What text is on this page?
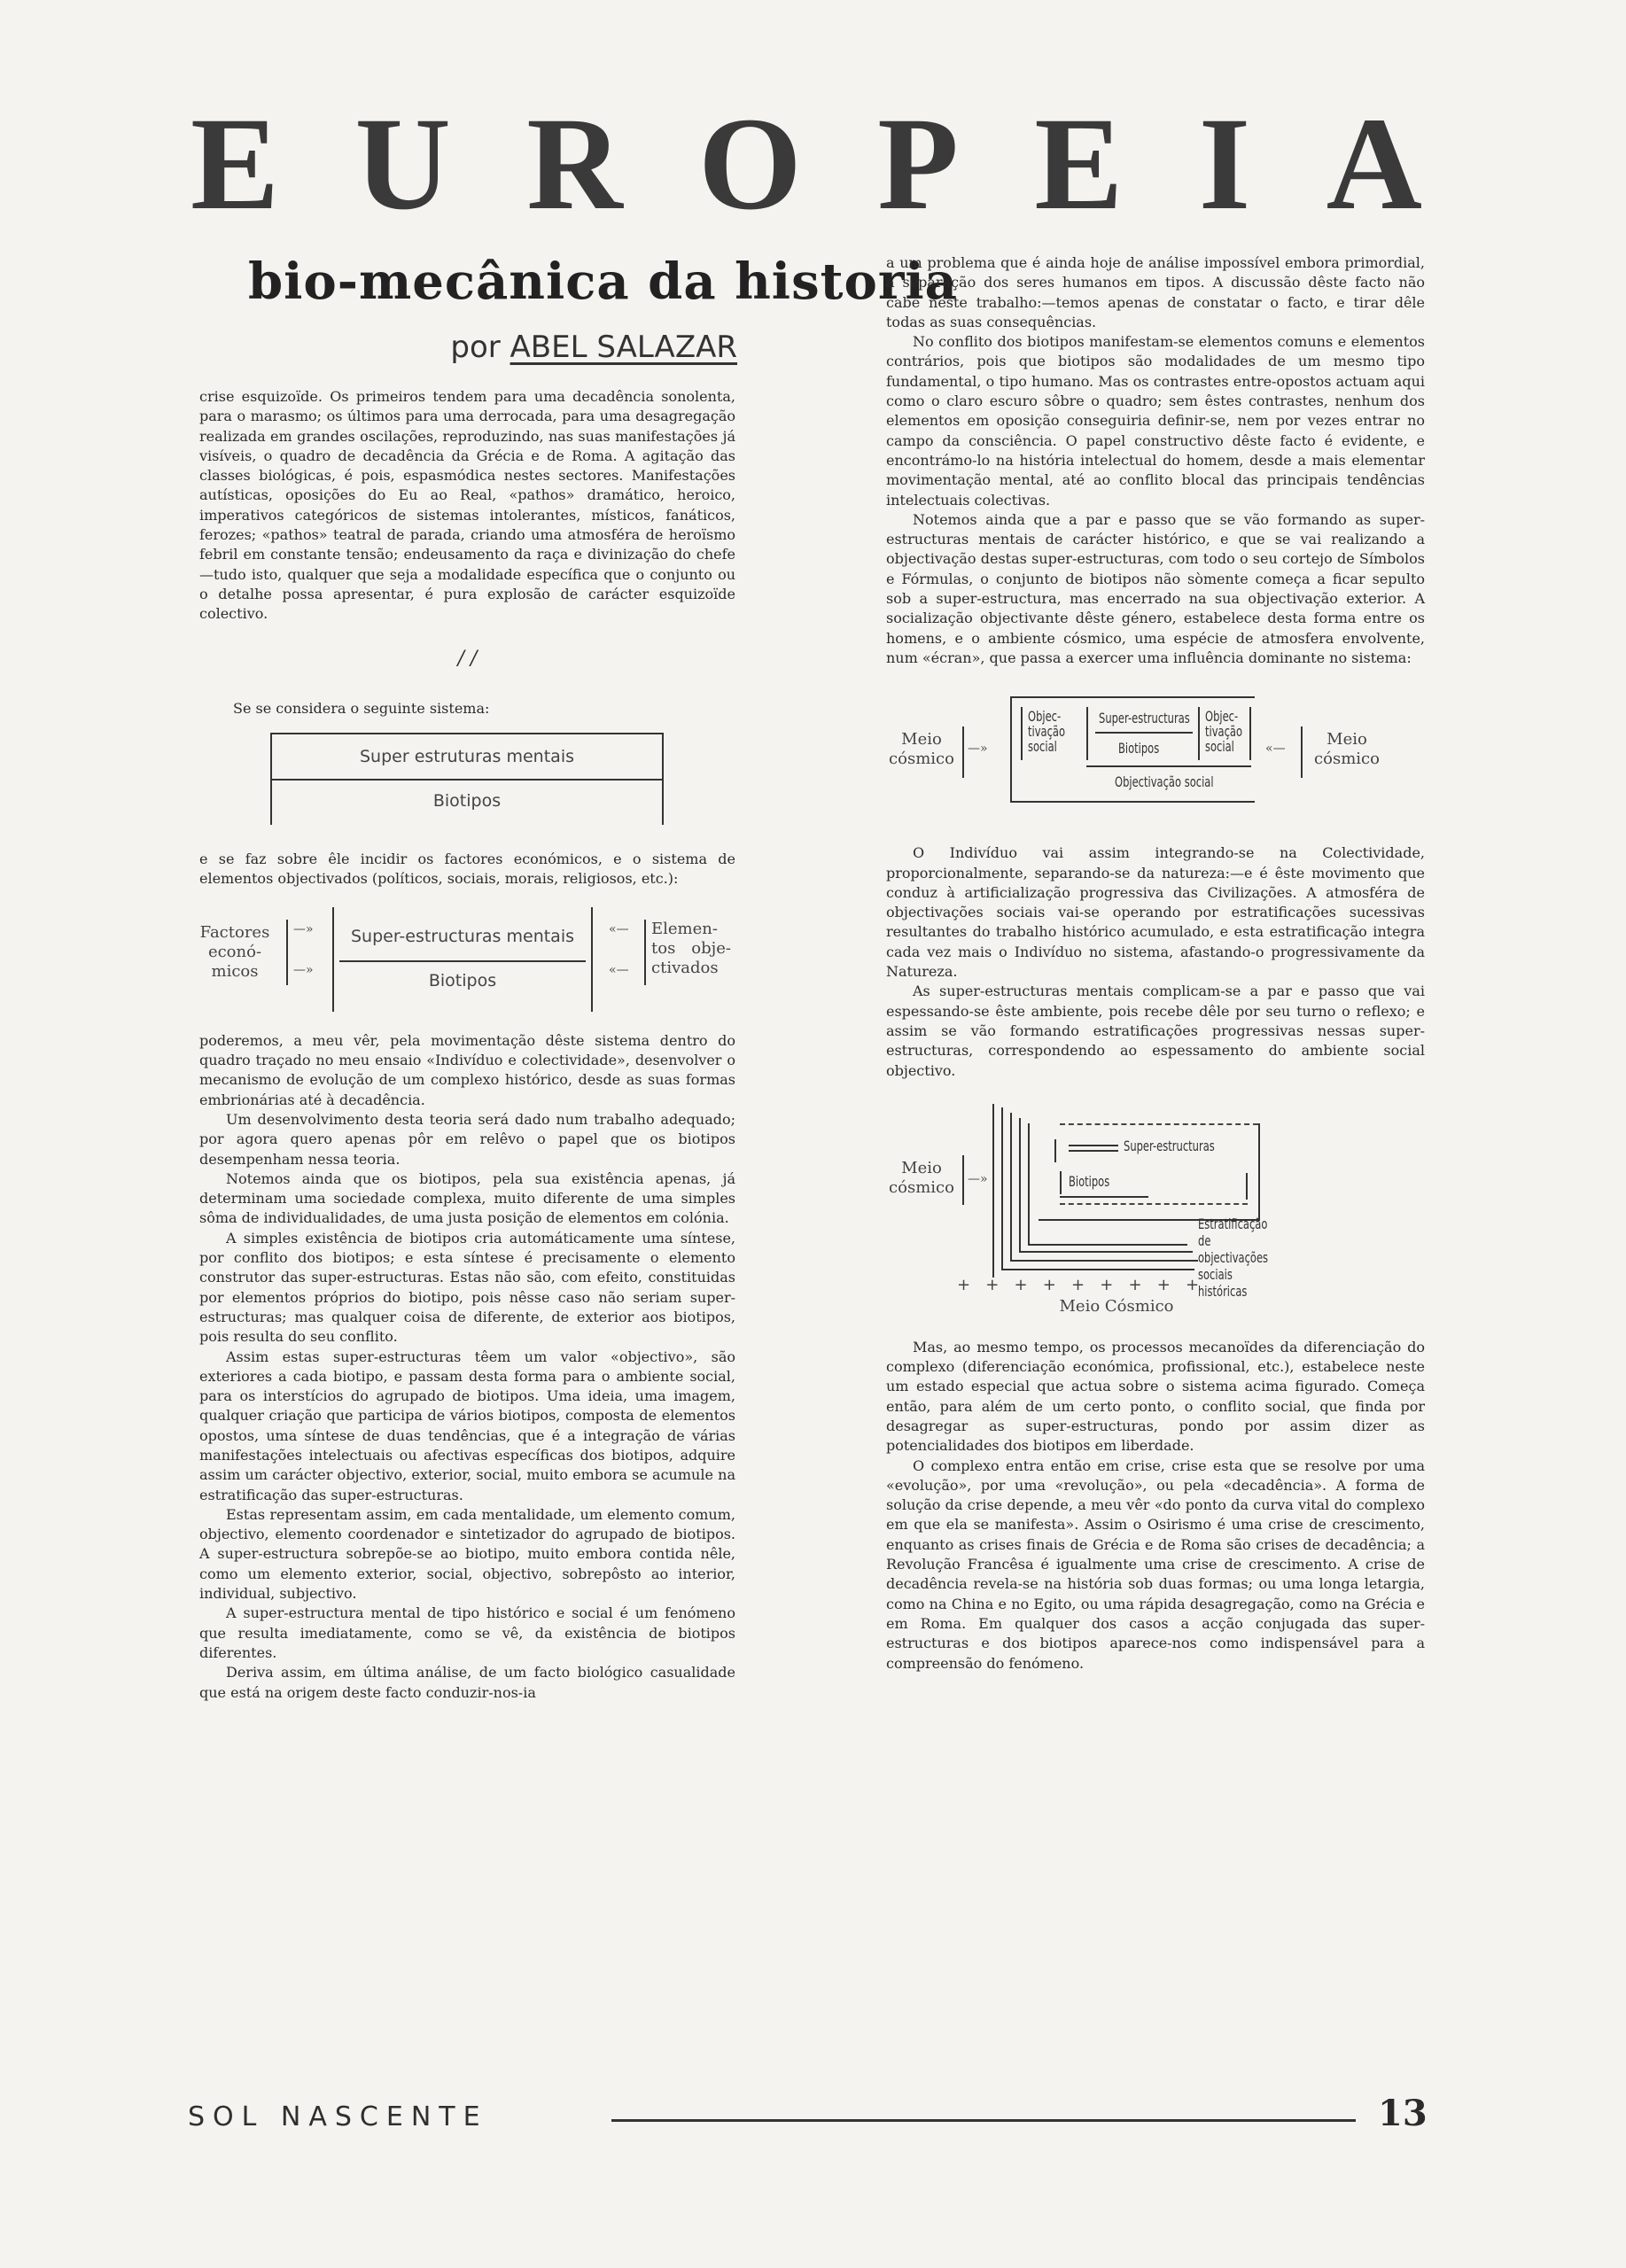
E U R O P E I A
bio-mecânica da historia
por ABEL SALAZAR

crise esquizoïde. Os primeiros tendem para uma decadência sonolenta, para o marasmo; os últimos para uma derrocada, para uma desagregação realizada em grandes oscilações, reproduzindo, nas suas manifestações já visíveis, o quadro de decadência da Grécia e de Roma. A agitação das classes biológicas, é pois, espasmódica nestes sectores. Manifestações autísticas, oposições do Eu ao Real, «pathos» dramático, heroico, imperativos categóricos de sistemas intolerantes, místicos, fanáticos, ferozes; «pathos» teatral de parada, criando uma atmosféra de heroïsmo febril em constante tensão; endeusamento da raça e divinização do chefe—tudo isto, qualquer que seja a modalidade específica que o conjunto ou o detalhe possa apresentar, é pura explosão de carácter esquizoïde colectivo.

/ /

Se se considera o seguinte sistema:

Super estruturas mentais
Biotipos

e se faz sobre êle incidir os factores económicos, e o sistema de elementos objectivados (políticos, sociais, morais, religiosos, etc.):

Factores econó- micos
—»
—»
Super-estructuras mentais
Biotipos
«—
«—
Elemen- tos obje- ctivados

poderemos, a meu vêr, pela movimentação dêste sistema dentro do quadro traçado no meu ensaio «Indivíduo e colectividade», desenvolver o mecanismo de evolução de um complexo histórico, desde as suas formas embrionárias até à decadência.

Um desenvolvimento desta teoria será dado num trabalho adequado; por agora quero apenas pôr em relêvo o papel que os biotipos desempenham nessa teoria.

Notemos ainda que os biotipos, pela sua existência apenas, já determinam uma sociedade complexa, muito diferente de uma simples sôma de individualidades, de uma justa posição de elementos em colónia.

A simples existência de biotipos cria automáticamente uma síntese, por conflito dos biotipos; e esta síntese é precisamente o elemento construtor das super-estructuras. Estas não são, com efeito, constituidas por elementos próprios do biotipo, pois nêsse caso não seriam super-estructuras; mas qualquer coisa de diferente, de exterior aos biotipos, pois resulta do seu conflito.

Assim estas super-estructuras têem um valor «objectivo», são exteriores a cada biotipo, e passam desta forma para o ambiente social, para os interstícios do agrupado de biotipos. Uma ideia, uma imagem, qualquer criação que participa de vários biotipos, composta de elementos opostos, uma síntese de duas tendências, que é a integração de várias manifestações intelectuais ou afectivas específicas dos biotipos, adquire assim um carácter objectivo, exterior, social, muito embora se acumule na estratificação das super-estructuras.

Estas representam assim, em cada mentalidade, um elemento comum, objectivo, elemento coordenador e sintetizador do agrupado de biotipos. A super-estructura sobrepõe-se ao biotipo, muito embora contida nêle, como um elemento exterior, social, objectivo, sobrepôsto ao interior, individual, subjectivo.

A super-estructura mental de tipo histórico e social é um fenómeno que resulta imediatamente, como se vê, da existência de biotipos diferentes.

Deriva assim, em última análise, de um facto biológico casualidade que está na origem deste facto conduzir-nos-ia

a um problema que é ainda hoje de análise impossível embora primordial, a separação dos seres humanos em tipos. A discussão dêste facto não cabe neste trabalho:—temos apenas de constatar o facto, e tirar dêle todas as suas consequências.

No conflito dos biotipos manifestam-se elementos comuns e elementos contrários, pois que biotipos são modalidades de um mesmo tipo fundamental, o tipo humano. Mas os contrastes entre-opostos actuam aqui como o claro escuro sôbre o quadro; sem êstes contrastes, nenhum dos elementos em oposição conseguiria definir-se, nem por vezes entrar no campo da consciência. O papel constructivo dêste facto é evidente, e encontrámo-lo na história intelectual do homem, desde a mais elementar movimentação mental, até ao conflito blocal das principais tendências intelectuais colectivas.

Notemos ainda que a par e passo que se vão formando as super-estructuras mentais de carácter histórico, e que se vai realizando a objectivação destas super-estructuras, com todo o seu cortejo de Símbolos e Fórmulas, o conjunto de biotipos não sòmente começa a ficar sepulto sob a super-estructura, mas encerrado na sua objectivação exterior. A socialização objectivante dêste género, estabelece desta forma entre os homens, e o ambiente cósmico, uma espécie de atmosfera envolvente, num «écran», que passa a exercer uma influência dominante no sistema:

Meio cósmico
—»
Objec- tivação social
Super-estructuras
Biotipos
Objec- tivação social
Objectivação social
«—	Meio cósmico

O Indivíduo vai assim integrando-se na Colectividade, proporcionalmente, separando-se da natureza:—e é êste movimento que conduz à artificialização progressiva das Civilizações. A atmosféra de objectivações sociais vai-se operando por estratificações sucessivas resultantes do trabalho histórico acumulado, e esta estratificação integra cada vez mais o Indivíduo no sistema, afastando-o progressivamente da Natureza.

As super-estructuras mentais complicam-se a par e passo que vai espessando-se êste ambiente, pois recebe dêle por seu turno o reflexo; e assim se vão formando estratificações progressivas nessas super-estructuras, correspondendo ao espessamento do ambiente social objectivo.

Meio cósmico —»
Super-estructuras
Biotipos
Estratificação de objectivações sociais históricas
+   +   +   +   +   +   +   +   +
Meio Cósmico

Mas, ao mesmo tempo, os processos mecanoïdes da diferenciação do complexo (diferenciação económica, profissional, etc.), estabelece neste um estado especial que actua sobre o sistema acima figurado. Começa então, para além de um certo ponto, o conflito social, que finda por desagregar as super-estructuras, pondo por assim dizer as potencialidades dos biotipos em liberdade.

O complexo entra então em crise, crise esta que se resolve por uma «evolução», por uma «revolução», ou pela «decadência». A forma de solução da crise depende, a meu vêr «do ponto da curva vital do complexo em que ela se manifesta». Assim o Osirismo é uma crise de crescimento, enquanto as crises finais de Grécia e de Roma são crises de decadência; a Revolução Francêsa é igualmente uma crise de crescimento. A crise de decadência revela-se na história sob duas formas; ou uma longa letargia, como na China e no Egito, ou uma rápida desagregação, como na Grécia e em Roma. Em qualquer dos casos a acção conjugada das super-estructuras e dos biotipos aparece-nos como indispensável para a compreensão do fenómeno.

SOL NASCENTE	13
